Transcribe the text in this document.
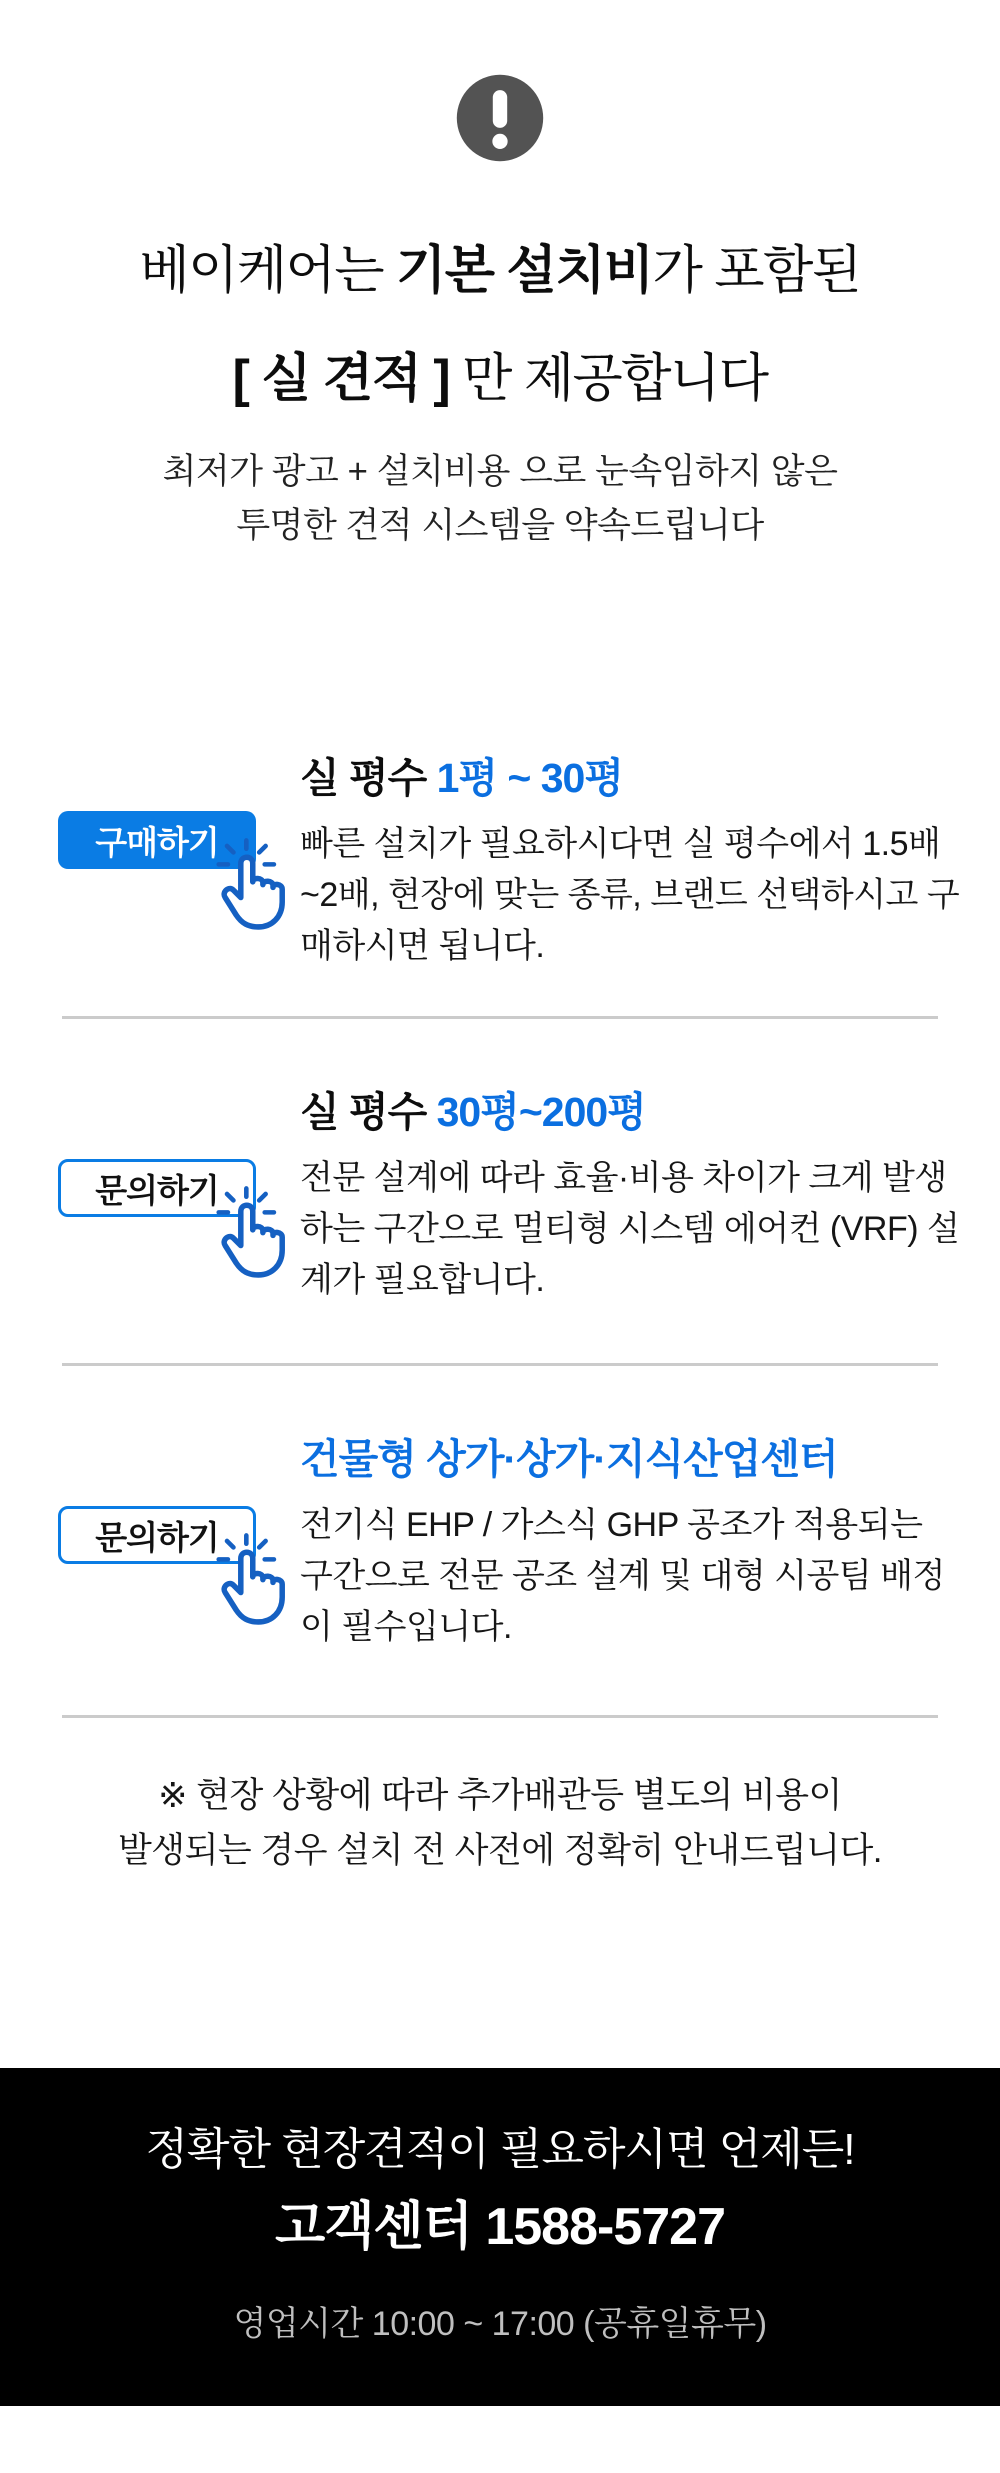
베이케어는 기본 설치비가 포함된
[ 실 견적 ] 만 제공합니다
최저가 광고 + 설치비용 으로 눈속임하지 않은
투명한 견적 시스템을 약속드립니다
실 평수 1평 ~ 30평
빠른 설치가 필요하시다면 실 평수에서 1.5배~2배, 현장에 맞는 종류, 브랜드 선택하시고 구매하시면 됩니다.
구매하기
실 평수 30평~200평
전문 설계에 따라 효율·비용 차이가 크게 발생하는 구간으로 멀티형 시스템 에어컨 (VRF) 설계가 필요합니다.
문의하기
건물형 상가·상가·지식산업센터
전기식 EHP / 가스식 GHP 공조가 적용되는 구간으로 전문 공조 설계 및 대형 시공팀 배정이 필수입니다.
문의하기
※ 현장 상황에 따라 추가배관등 별도의 비용이
발생되는 경우 설치 전 사전에 정확히 안내드립니다.
정확한 현장견적이 필요하시면 언제든!
고객센터 1588-5727
영업시간 10:00 ~ 17:00 (공휴일휴무)
